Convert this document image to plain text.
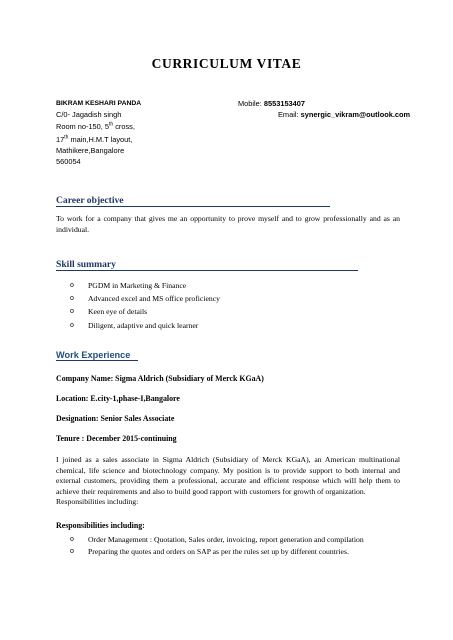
CURRICULUM VITAE
BIKRAM KESHARI PANDA
C/0- Jagadish singh
Room no-150, 5th cross,
17th main,H.M.T layout,
Mathikere,Bangalore
560054
Mobile: 8553153407
Email: synergic_vikram@outlook.com
Career objective
To work for a company that gives me an opportunity to prove myself and to grow professionally and as an individual.
Skill summary
o	PGDM in Marketing & Finance
o	Advanced excel and MS office proficiency
o	Keen eye of details
o	Diligent, adaptive and quick learner
Work Experience
Company Name: Sigma Aldrich (Subsidiary of Merck KGaA)
Location: E.city-1,phase-I,Bangalore
Designation: Senior Sales Associate
Tenure : December 2015-continuing
I joined as a sales associate in Sigma Aldrich (Subsidiary of Merck KGaA), an American multinational chemical, life science and biotechnology company. My position is to provide support to both internal and external customers, providing them a professional, accurate and efficient response which will help them to achieve their requirements and also to build good rapport with customers for growth of organization.
Responsibilities including:
Responsibilities including:
o	Order Management : Quotation, Sales order, invoicing, report generation and compilation
o	Preparing the quotes and orders on SAP as per the rules set up by different countries.
